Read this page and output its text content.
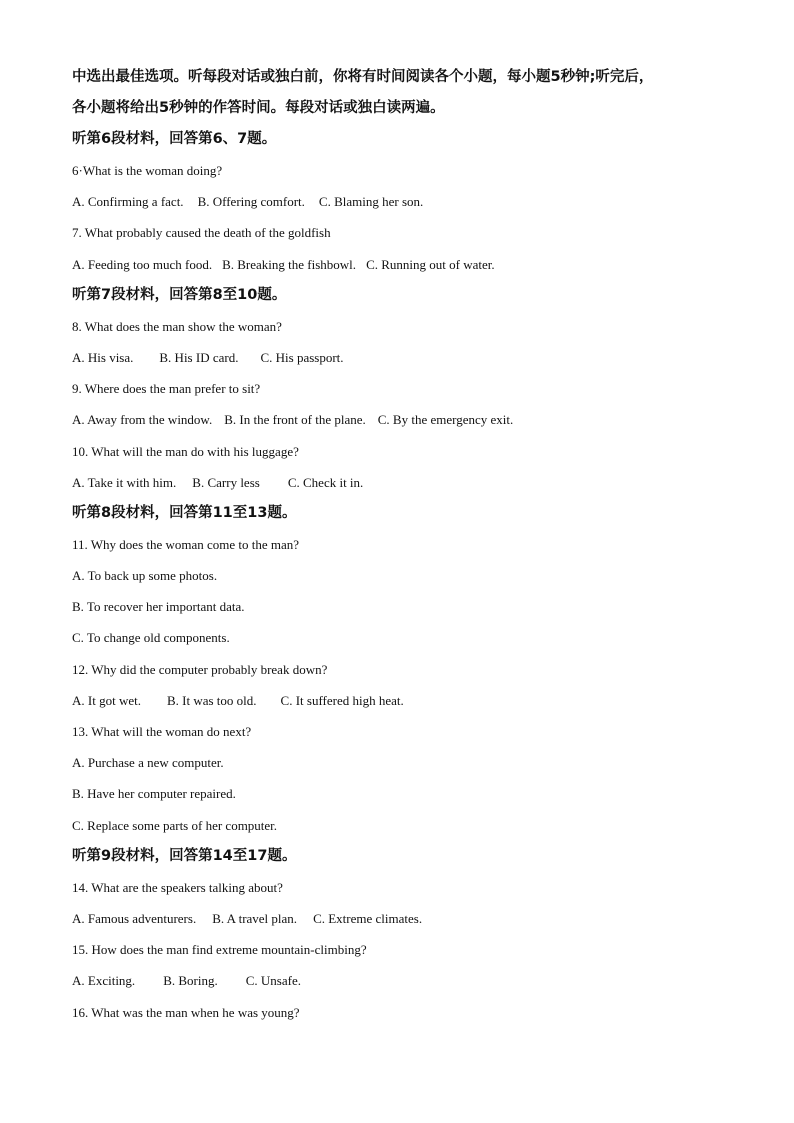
中选出最佳选项。听每段对话或独白前，你将有时间阅读各个小题，每小题5秒钟;听完后，
各小题将给出5秒钟的作答时间。每段对话或独白读两遍。

听第6段材料，回答第6、7题。

6·What is the woman doing?

A. Confirming a fact. B. Offering comfort. C. Blaming her son.

7. What probably caused the death of the goldfish

A. Feeding too much food. B. Breaking the fishbowl. C. Running out of water.

听第7段材料，回答第8至10题。

8. What does the man show the woman?

A. His visa. B. His ID card. C. His passport.

9. Where does the man prefer to sit?

A. Away from the window. B. In the front of the plane. C. By the emergency exit.

10. What will the man do with his luggage?

A. Take it with him. B. Carry less C. Check it in.

听第8段材料，回答第11至13题。

11. Why does the woman come to the man?

A. To back up some photos.

B. To recover her important data.

C. To change old components.

12. Why did the computer probably break down?

A. It got wet. B. It was too old. C. It suffered high heat.

13. What will the woman do next?

A. Purchase a new computer.

B. Have her computer repaired.

C. Replace some parts of her computer.

听第9段材料，回答第14至17题。

14. What are the speakers talking about?

A. Famous adventurers. B. A travel plan. C. Extreme climates.

15. How does the man find extreme mountain-climbing?

A. Exciting. B. Boring. C. Unsafe.

16. What was the man when he was young?
